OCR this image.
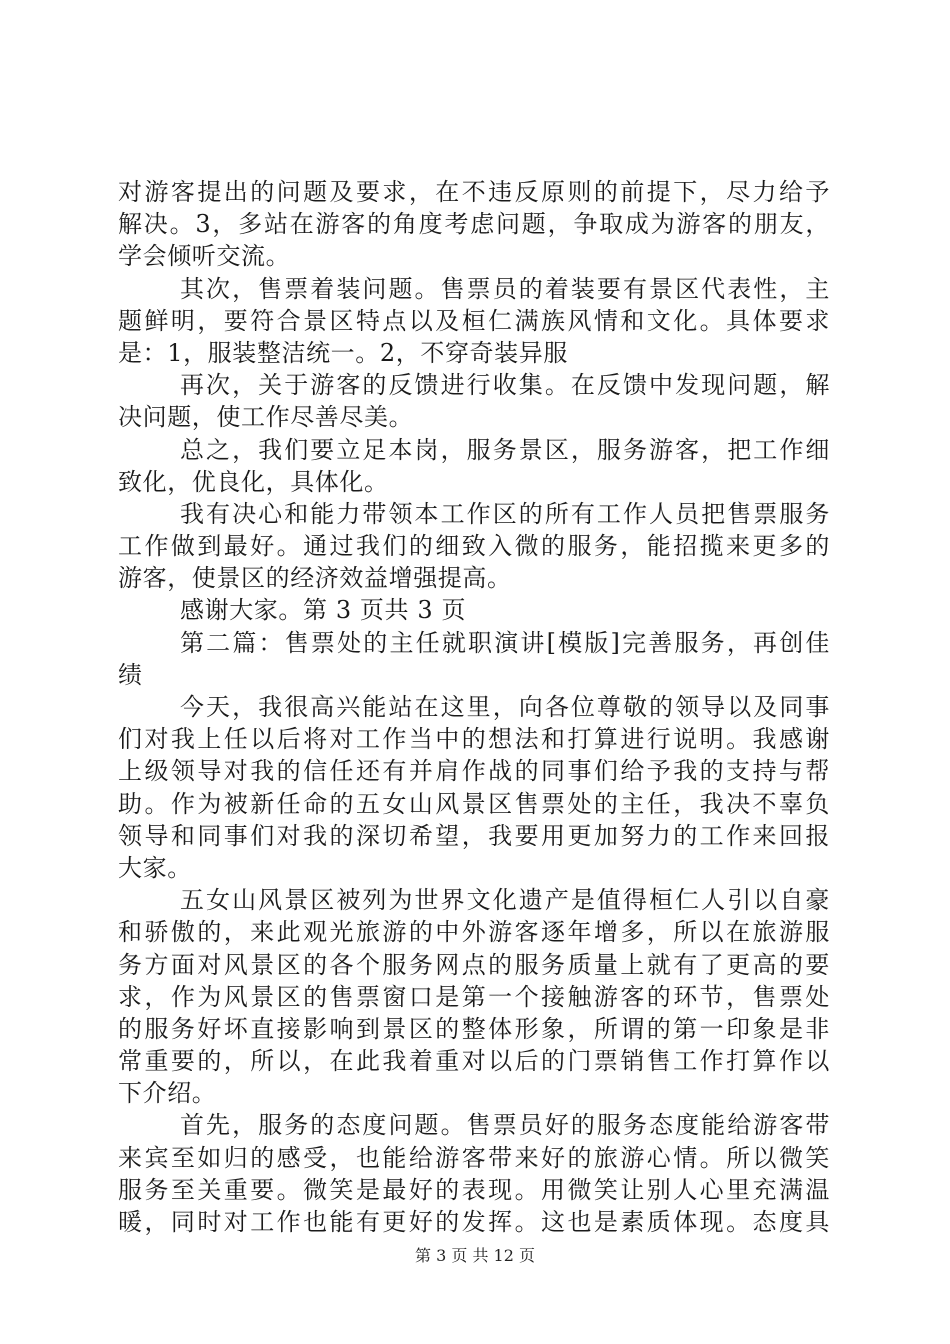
对游客提出的问题及要求，在不违反原则的前提下，尽力给予
解决。3，多站在游客的角度考虑问题，争取成为游客的朋友，
学会倾听交流。
其次，售票着装问题。售票员的着装要有景区代表性，主
题鲜明，要符合景区特点以及桓仁满族风情和文化。具体要求
是：1，服装整洁统一。2，不穿奇装异服
再次，关于游客的反馈进行收集。在反馈中发现问题，解
决问题，使工作尽善尽美。
总之，我们要立足本岗，服务景区，服务游客，把工作细
致化，优良化，具体化。
我有决心和能力带领本工作区的所有工作人员把售票服务
工作做到最好。通过我们的细致入微的服务，能招揽来更多的
游客，使景区的经济效益增强提高。
感谢大家。第 3 页共 3 页
第二篇：售票处的主任就职演讲[模版]完善服务，再创佳
绩
今天，我很高兴能站在这里，向各位尊敬的领导以及同事
们对我上任以后将对工作当中的想法和打算进行说明。我感谢
上级领导对我的信任还有并肩作战的同事们给予我的支持与帮
助。作为被新任命的五女山风景区售票处的主任，我决不辜负
领导和同事们对我的深切希望，我要用更加努力的工作来回报
大家。
五女山风景区被列为世界文化遗产是值得桓仁人引以自豪
和骄傲的，来此观光旅游的中外游客逐年增多，所以在旅游服
务方面对风景区的各个服务网点的服务质量上就有了更高的要
求，作为风景区的售票窗口是第一个接触游客的环节，售票处
的服务好坏直接影响到景区的整体形象，所谓的第一印象是非
常重要的，所以，在此我着重对以后的门票销售工作打算作以
下介绍。
首先，服务的态度问题。售票员好的服务态度能给游客带
来宾至如归的感受，也能给游客带来好的旅游心情。所以微笑
服务至关重要。微笑是最好的表现。用微笑让别人心里充满温
暖，同时对工作也能有更好的发挥。这也是素质体现。态度具
第 3 页 共 12 页
